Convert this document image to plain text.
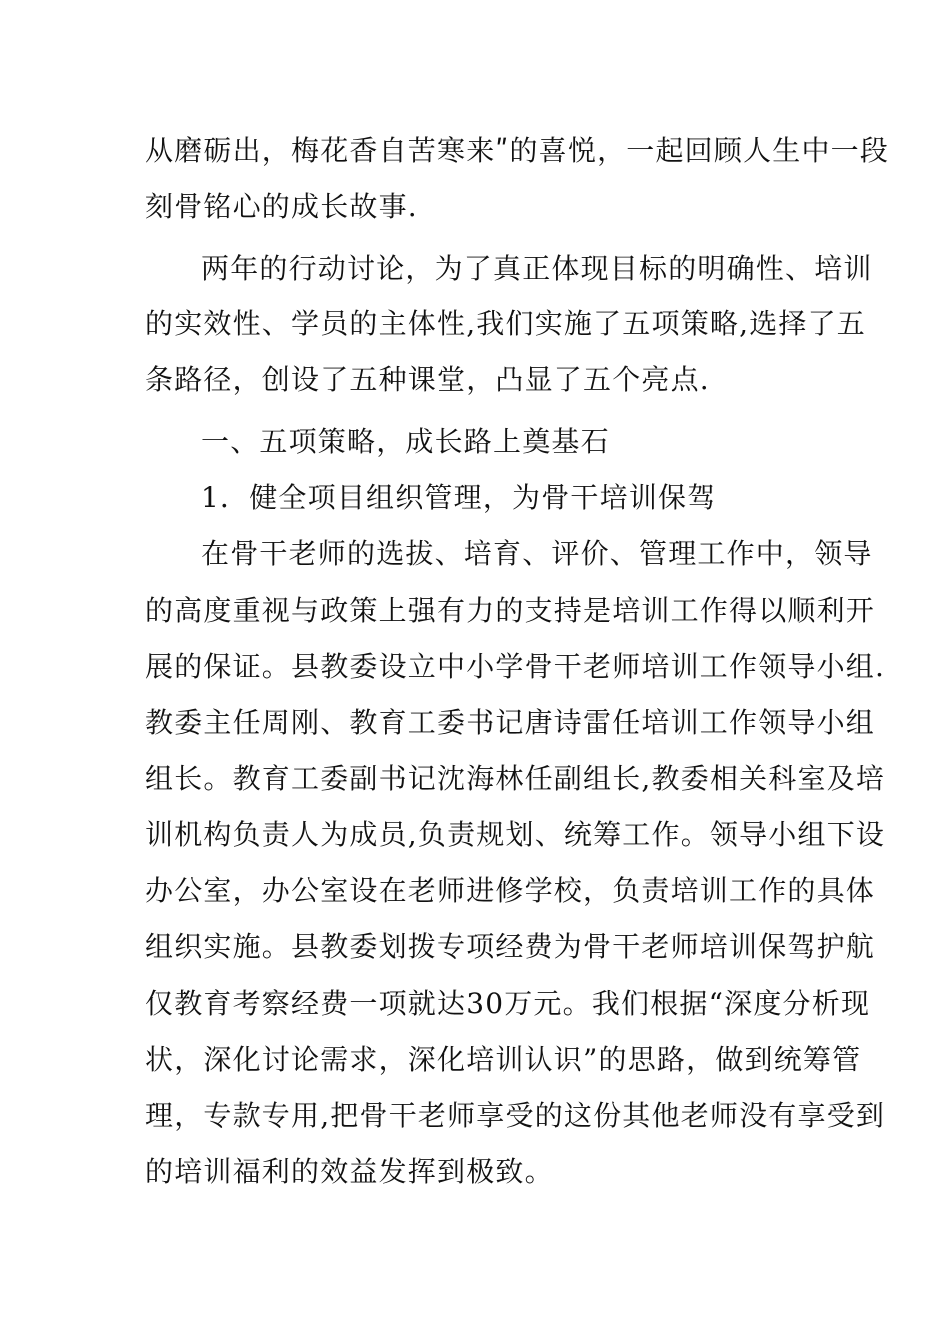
从磨砺出，梅花香自苦寒来ʺ的喜悦，一起回顾人生中一段
刻骨铭心的成长故事.
两年的行动讨论，为了真正体现目标的明确性、培训
的实效性、学员的主体性,我们实施了五项策略,选择了五
条路径，创设了五种课堂，凸显了五个亮点.
一、五项策略，成长路上奠基石
1．健全项目组织管理，为骨干培训保驾
在骨干老师的选拔、培育、评价、管理工作中，领导
的高度重视与政策上强有力的支持是培训工作得以顺利开
展的保证。县教委设立中小学骨干老师培训工作领导小组.
教委主任周刚、教育工委书记唐诗雷任培训工作领导小组
组长。教育工委副书记沈海林任副组长,教委相关科室及培
训机构负责人为成员,负责规划、统筹工作。领导小组下设
办公室，办公室设在老师进修学校，负责培训工作的具体
组织实施。县教委划拨专项经费为骨干老师培训保驾护航
仅教育考察经费一项就达30万元。我们根据“深度分析现
状，深化讨论需求，深化培训认识”的思路，做到统筹管
理，专款专用,把骨干老师享受的这份其他老师没有享受到
的培训福利的效益发挥到极致。
